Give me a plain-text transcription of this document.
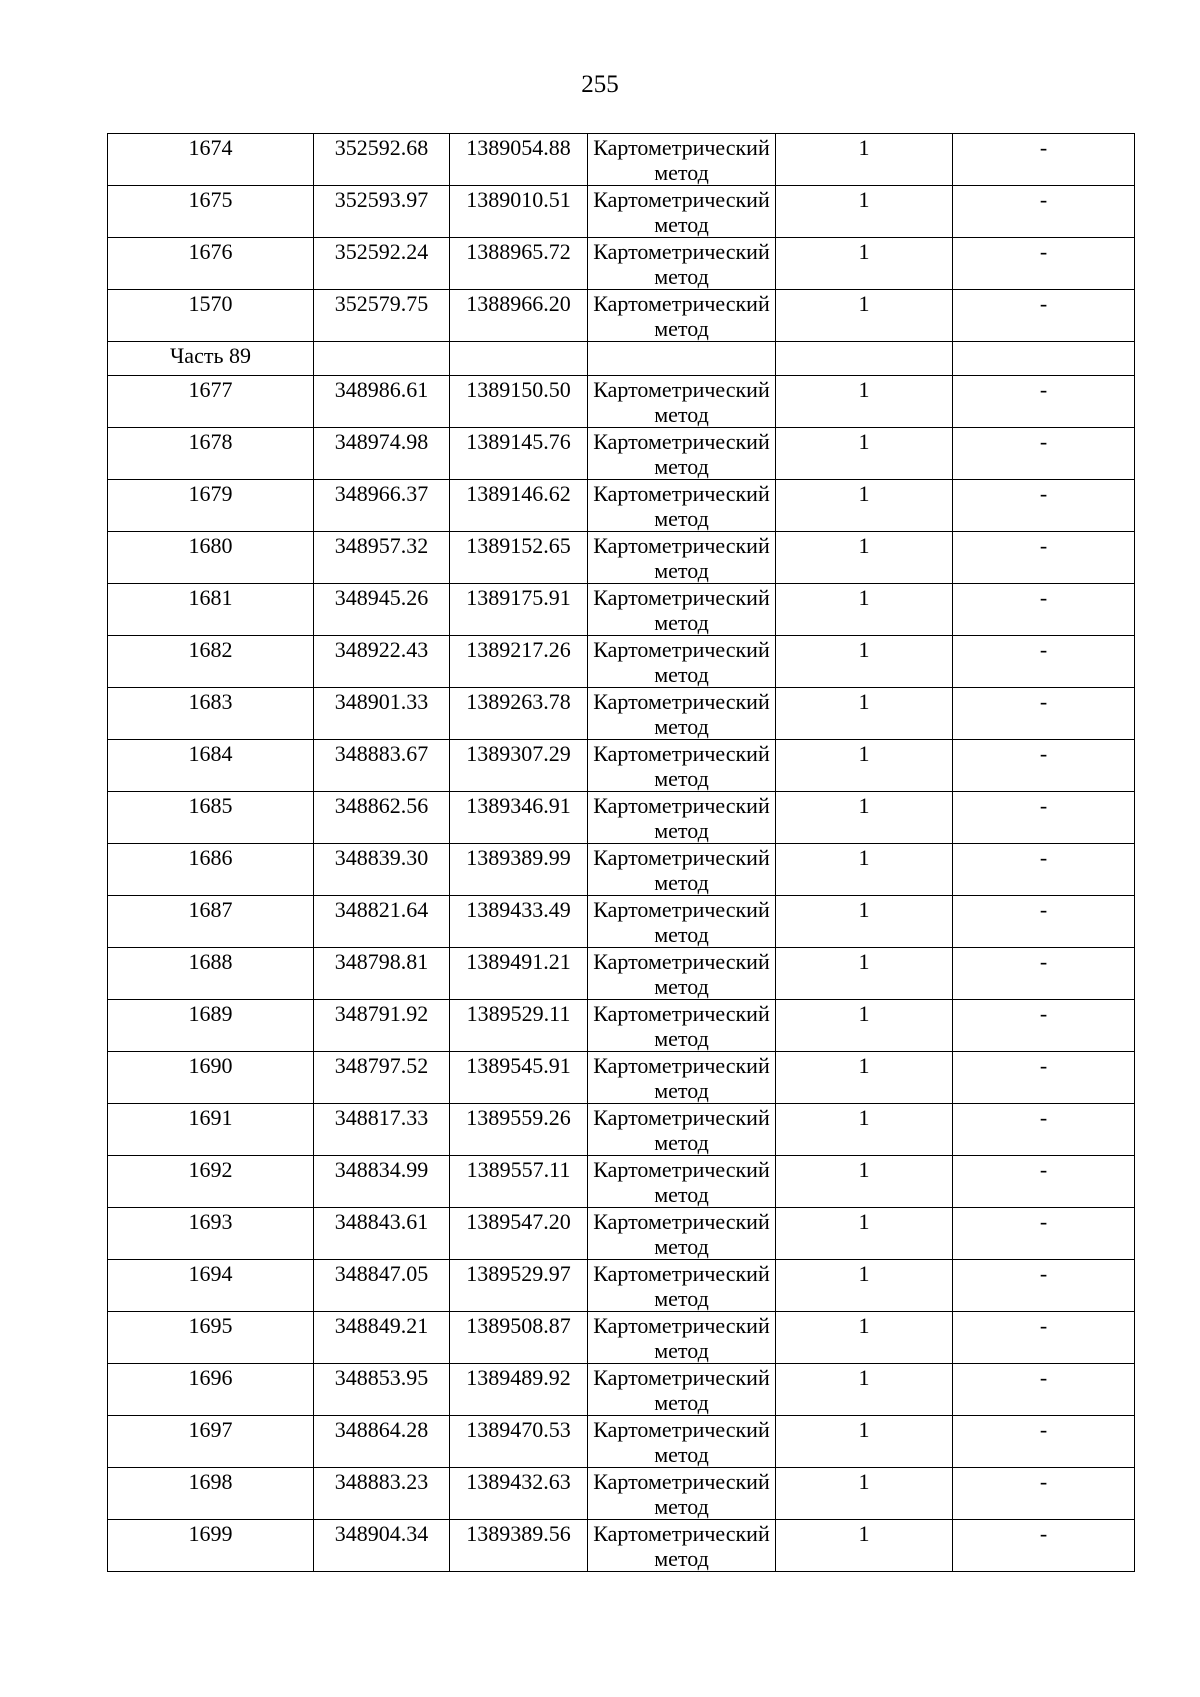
255
1674	352592.68	1389054.88	Картометрический метод	1	-

1675	352593.97	1389010.51	Картометрический метод	1	-

1676	352592.24	1388965.72	Картометрический метод	1	-

1570	352579.75	1388966.20	Картометрический метод	1	-

Часть 89					

1677	348986.61	1389150.50	Картометрический метод	1	-

1678	348974.98	1389145.76	Картометрический метод	1	-

1679	348966.37	1389146.62	Картометрический метод	1	-

1680	348957.32	1389152.65	Картометрический метод	1	-

1681	348945.26	1389175.91	Картометрический метод	1	-

1682	348922.43	1389217.26	Картометрический метод	1	-

1683	348901.33	1389263.78	Картометрический метод	1	-

1684	348883.67	1389307.29	Картометрический метод	1	-

1685	348862.56	1389346.91	Картометрический метод	1	-

1686	348839.30	1389389.99	Картометрический метод	1	-

1687	348821.64	1389433.49	Картометрический метод	1	-

1688	348798.81	1389491.21	Картометрический метод	1	-

1689	348791.92	1389529.11	Картометрический метод	1	-

1690	348797.52	1389545.91	Картометрический метод	1	-

1691	348817.33	1389559.26	Картометрический метод	1	-

1692	348834.99	1389557.11	Картометрический метод	1	-

1693	348843.61	1389547.20	Картометрический метод	1	-

1694	348847.05	1389529.97	Картометрический метод	1	-

1695	348849.21	1389508.87	Картометрический метод	1	-

1696	348853.95	1389489.92	Картометрический метод	1	-

1697	348864.28	1389470.53	Картометрический метод	1	-

1698	348883.23	1389432.63	Картометрический метод	1	-

1699	348904.34	1389389.56	Картометрический метод	1	-
